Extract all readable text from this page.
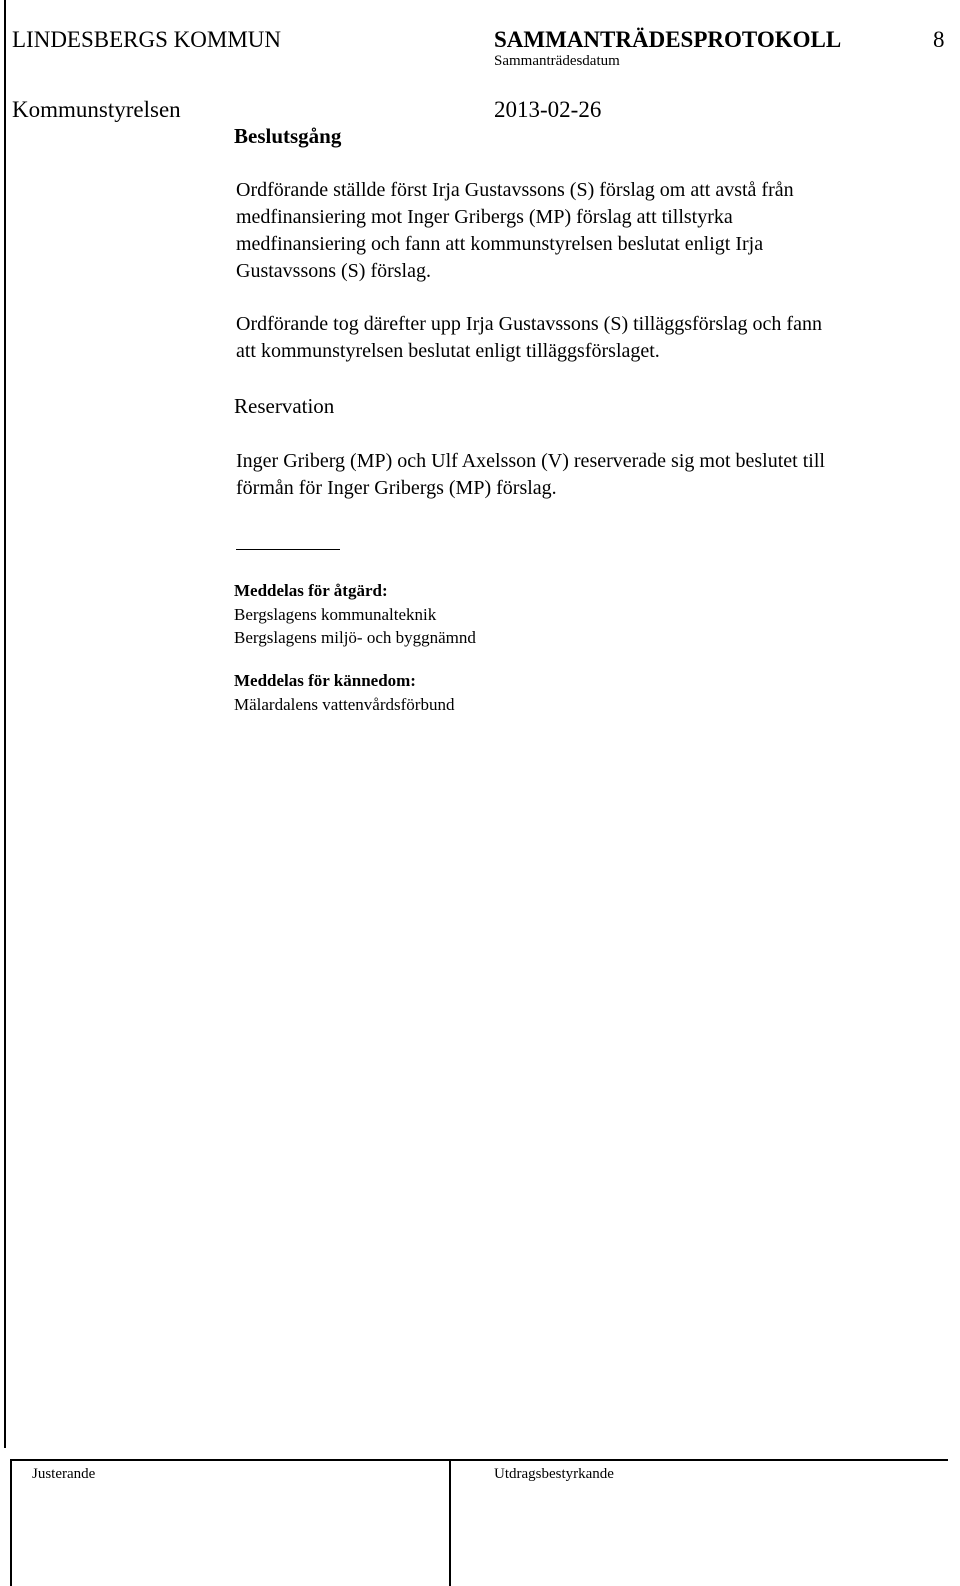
LINDESBERGS KOMMUN	SAMMANTRÄDESPROTOKOLL	8
Sammanträdesdatum
Kommunstyrelsen	2013-02-26
Beslutsgång
Ordförande ställde först Irja Gustavssons (S) förslag om att avstå från
medfinansiering mot Inger Gribergs (MP) förslag att tillstyrka
medfinansiering och fann att kommunstyrelsen beslutat enligt Irja
Gustavssons (S) förslag.
Ordförande tog därefter upp Irja Gustavssons (S) tilläggsförslag och fann
att kommunstyrelsen beslutat enligt tilläggsförslaget.
Reservation
Inger Griberg (MP) och Ulf Axelsson (V) reserverade sig mot beslutet till
förmån för Inger Gribergs (MP) förslag.
Meddelas för åtgärd:
Bergslagens kommunalteknik
Bergslagens miljö- och byggnämnd
Meddelas för kännedom:
Mälardalens vattenvårdsförbund
Justerande	Utdragsbestyrkande
